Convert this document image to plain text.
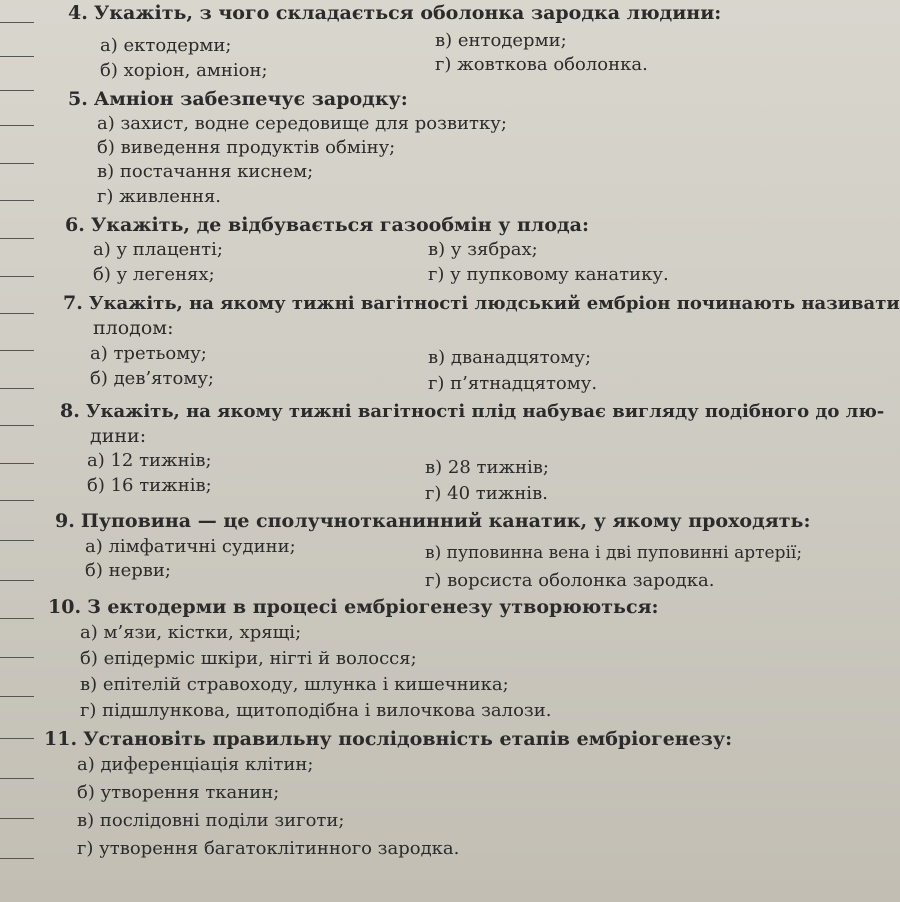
4. Укажіть, з чого складається оболонка зародка людини:
а) ектодерми;	в) ентодерми;
б) хоріон, амніон;	г) жовткова оболонка.
5. Амніон забезпечує зародку:
а) захист, водне середовище для розвитку;
б) виведення продуктів обміну;
в) постачання киснем;
г) живлення.
6. Укажіть, де відбувається газообмін у плода:
а) у плаценті;	в) у зябрах;
б) у легенях;	г) у пупковому канатику.
7. Укажіть, на якому тижні вагітності людський ембріон починають називати
плодом:
а) третьому;	в) дванадцятому;
б) дев’ятому;	г) п’ятнадцятому.
8. Укажіть, на якому тижні вагітності плід набуває вигляду подібного до лю-
дини:
а) 12 тижнів;	в) 28 тижнів;
б) 16 тижнів;	г) 40 тижнів.
9. Пуповина — це сполучнотканинний канатик, у якому проходять:
а) лімфатичні судини;	в) пуповинна вена і дві пуповинні артерії;
б) нерви;	г) ворсиста оболонка зародка.
10. З ектодерми в процесі ембріогенезу утворюються:
а) м’язи, кістки, хрящі;
б) епідерміс шкіри, нігті й волосся;
в) епітелій стравоходу, шлунка і кишечника;
г) підшлункова, щитоподібна і вилочкова залози.
11. Установіть правильну послідовність етапів ембріогенезу:
а) диференціація клітин;
б) утворення тканин;
в) послідовні поділи зиготи;
г) утворення багатоклітинного зародка.
